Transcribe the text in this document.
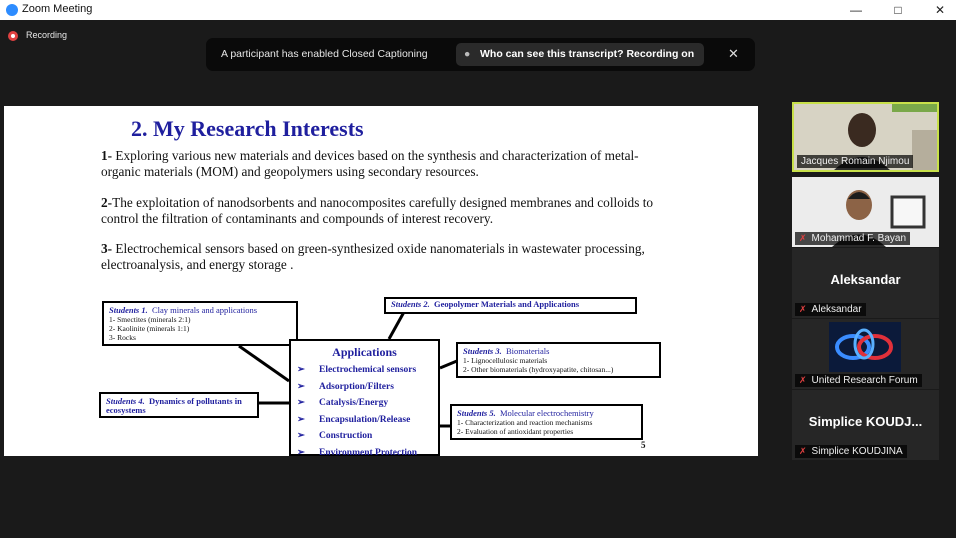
Zoom Meeting	—	□	✕
Recording
A participant has enabled Closed Captioning	● Who can see this transcript? Recording on	✕
2. My Research Interests
1- Exploring various new materials and devices based on the synthesis and characterization of metal-organic materials (MOM) and geopolymers using secondary resources.
2-The exploitation of nanodsorbents and nanocomposites carefully designed membranes and colloids to control the filtration of contaminants and compounds of interest recovery.
3- Electrochemical sensors based on green-synthesized oxide nanomaterials in wastewater processing, electroanalysis, and energy storage .
Students 1. Clay minerals and applications
1- Smectites (minerals 2:1)
2- Kaolinite (minerals 1:1)
3- Rocks
Students 2. Geopolymer Materials and Applications
Students 3. Biomaterials
1- Lignocellulosic materials
2- Other biomaterials (hydroxyapatite, chitosan...)
Students 4. Dynamics of pollutants in ecosystems	Students 5. Molecular electrochemistry
1- Characterization and reaction mechanisms
2- Evaluation of antioxidant properties
Applications
➢ Electrochemical sensors
➢ Adsorption/Filters
➢ Catalysis/Energy
➢ Encapsulation/Release
➢ Construction
➢ Environment Protection
5
Jacques Romain Njimou
✗ Mohammad F. Bayan
Aleksandar
✗ Aleksandar
✗ United Research Forum
Simplice KOUDJ...
✗ Simplice KOUDJINA
